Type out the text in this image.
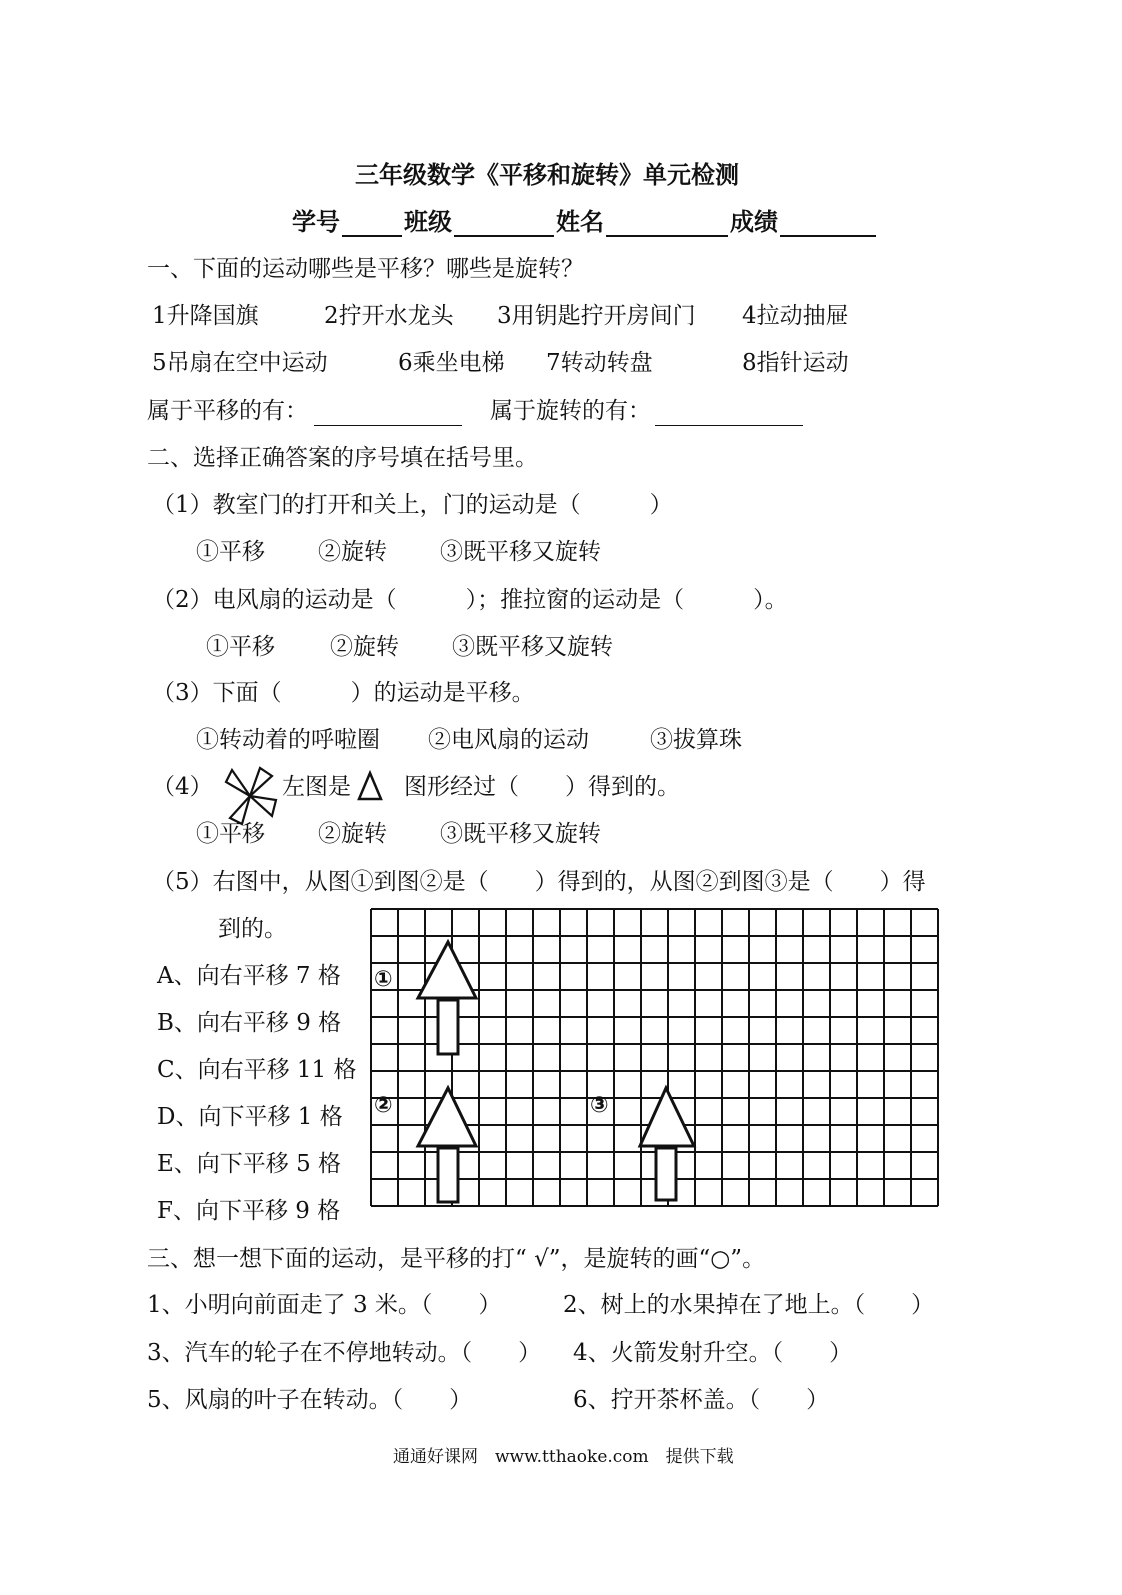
三年级数学《平移和旋转》单元检测
学号	班级	姓名	成绩
一、下面的运动哪些是平移？哪些是旋转？
1升降国旗	2拧开水龙头 3用钥匙拧开房间门 4拉动抽屉
5吊扇在空中运动	6乘坐电梯 7转动转盘	8指针运动
属于平移的有：	属于旋转的有：
二、选择正确答案的序号填在括号里。
（1）教室门的打开和关上，门的运动是（　　　）
①平移 ②旋转 ③既平移又旋转
（2）电风扇的运动是（　　　）；推拉窗的运动是（　　　）。
①平移 ②旋转 ③既平移又旋转
（3）下面（　　　）的运动是平移。
①转动着的呼啦圈 ②电风扇的运动	③拔算珠
（4）	左图是 图形经过（　　）得到的。
①平移 ②旋转 ③既平移又旋转
（5）右图中，从图①到图②是（　　）得到的，从图②到图③是（　　）得
到的。
A、向右平移 7 格
B、向右平移 9 格
C、向右平移 11 格
D、向下平移 1 格
E、向下平移 5 格
F、向下平移 9 格
①
②	③
三、想一想下面的运动，是平移的打“ √”，是旋转的画“○”。
1、小明向前面走了 3 米。（　　）	2、树上的水果掉在了地上。（　　）
3、汽车的轮子在不停地转动。（　　） 4、火箭发射升空。（　　）
5、风扇的叶子在转动。（　　）	6、拧开茶杯盖。（　　）
通通好课网　www.tthaoke.com　提供下载
